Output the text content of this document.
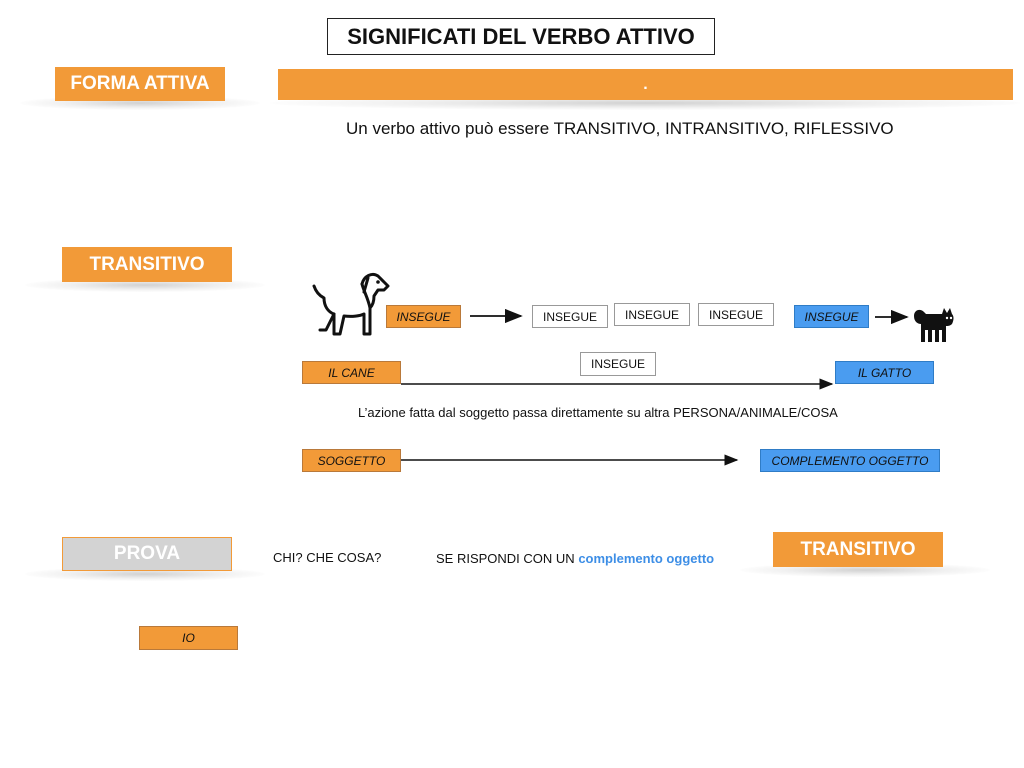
SIGNIFICATI DEL VERBO ATTIVO
FORMA ATTIVA	.
Un verbo attivo può essere TRANSITIVO, INTRANSITIVO, RIFLESSIVO
TRANSITIVO
INSEGUE	INSEGUE	INSEGUE	INSEGUE	INSEGUE
INSEGUE
IL CANE	IL GATTO
L’azione fatta dal soggetto passa direttamente su altra PERSONA/ANIMALE/COSA
SOGGETTO	COMPLEMENTO OGGETTO
PROVA	CHI? CHE COSA?	SE RISPONDI CON UN complemento oggetto	TRANSITIVO
IO
